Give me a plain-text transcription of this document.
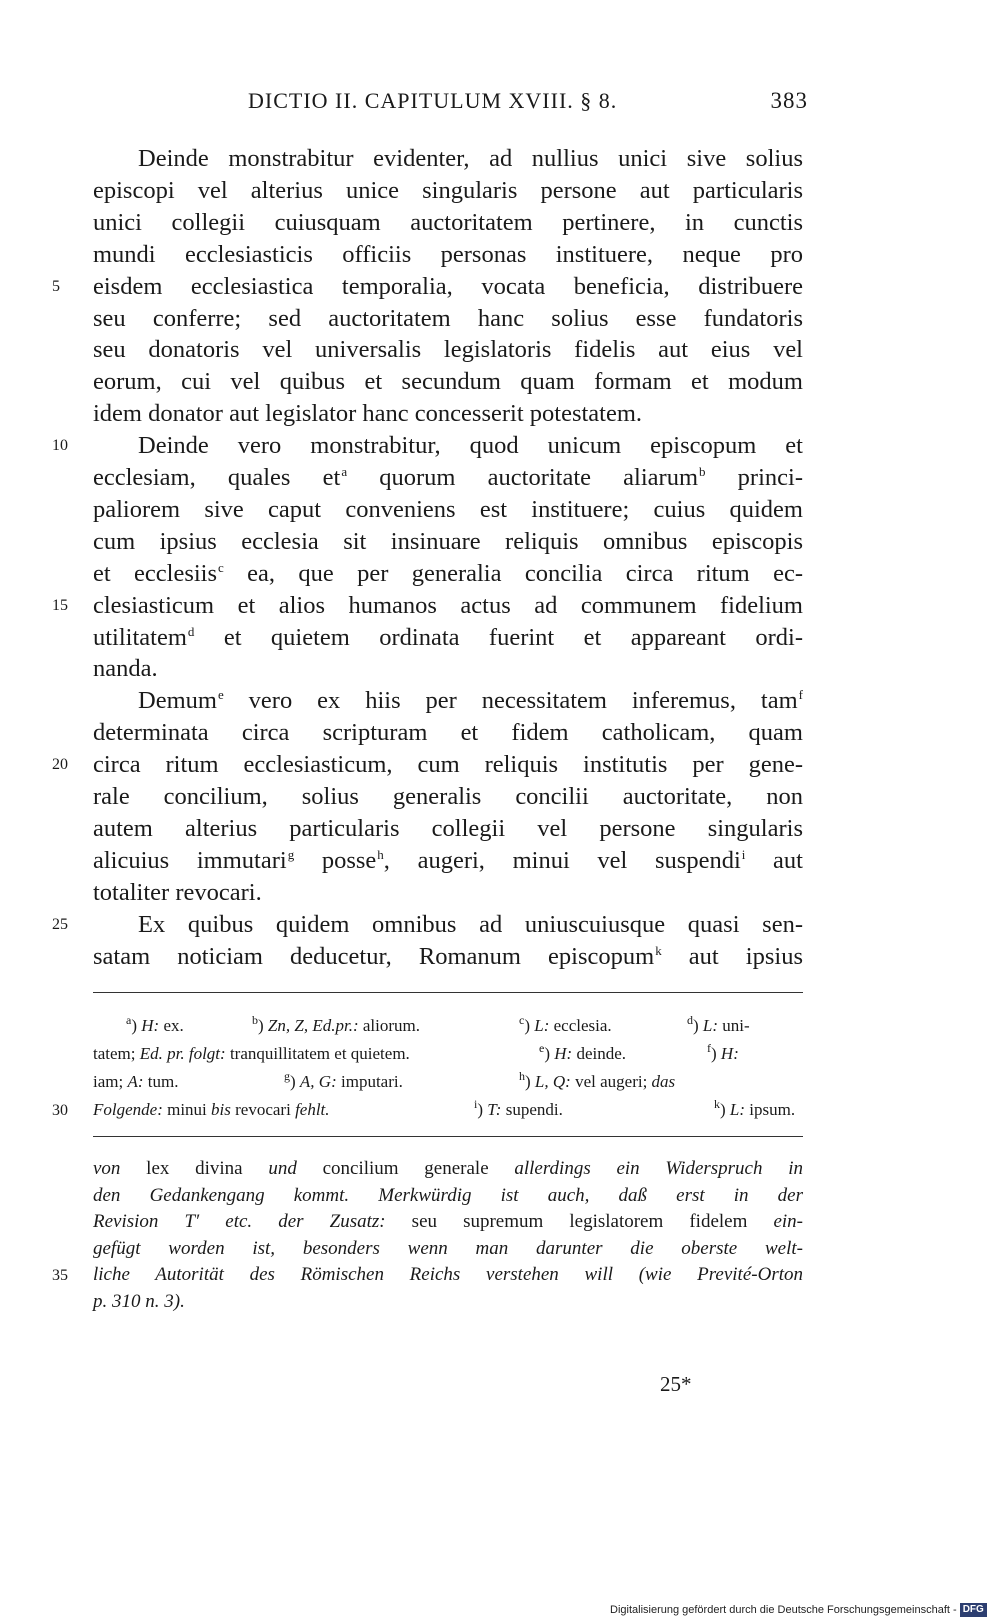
DICTIO II. CAPITULUM XVIII. § 8.	383
Deinde monstrabitur evidenter, ad nullius unici sive solius
episcopi vel alterius unice singularis persone aut particularis
unici collegii cuiusquam auctoritatem pertinere, in cunctis
mundi ecclesiasticis officiis personas instituere, neque pro
eisdem ecclesiastica temporalia, vocata beneficia, distribuere
5
seu conferre; sed auctoritatem hanc solius esse fundatoris
seu donatoris vel universalis legislatoris fidelis aut eius vel
eorum, cui vel quibus et secundum quam formam et modum
idem donator aut legislator hanc concesserit potestatem.
Deinde vero monstrabitur, quod unicum episcopum et
10
ecclesiam, quales $et^a$ quorum auctoritate aliarum$^b$ princi-
paliorem sive caput conveniens est instituere; cuius quidem
cum ipsius ecclesia sit insinuare reliquis omnibus episcopis
et ecclesiis$^c$ ea, que per generalia concilia circa ritum ec-
clesiasticum et alios humanos actus ad communem fidelium
15
utilitatem$^d$ et quietem ordinata fuerint et appareant ordi-
nanda.
Demum$^e$ vero ex hiis per necessitatem inferemus, tam$^f$
determinata circa scripturam et fidem catholicam, quam
circa ritum ecclesiasticum, cum reliquis institutis per gene-
20
rale concilium, solius generalis concilii auctoritate, non
autem alterius particularis collegii vel persone singularis
alicuius immutari$^g$ posse$^h$, augeri, minui vel suspendi$^i$ aut
totaliter revocari.
Ex quibus quidem omnibus ad uniuscuiusque quasi sen-
25
satam noticiam deducetur, Romanum episcopum$^k$ aut ipsius
$^a$) H: ex.	$^b$) Zn, Z, Ed.pr.: aliorum.	$^c$) L: ecclesia.	$^d$) L: uni-
tatem; Ed. pr. folgt: tranquillitatem et quietem.	$^e$) H: deinde.	$^f$) H:
iam; A: tum.	$^g$) A, G: imputari.	$^h$) L, Q: vel augeri; das
Folgende: minui bis revocari fehlt.	$^i$) T: supendi.	$^k$) L: ipsum.
30
von lex divina und concilium generale allerdings ein Widerspruch in
den Gedankengang kommt. Merkwürdig ist auch, daß erst in der
Revision T′ etc. der Zusatz: seu supremum legislatorem fidelem ein-
gefügt worden ist, besonders wenn man darunter die oberste welt-
liche Autorität des Römischen Reichs verstehen will (wie Previté-Orton
35
p. 310 n. 3).
25*
Digitalisierung gefördert durch die Deutsche Forschungsgemeinschaft - DFG
